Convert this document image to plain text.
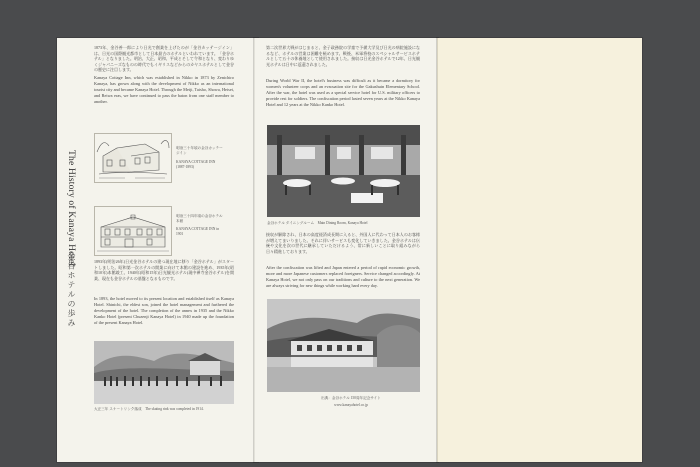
The History of Kanaya Hotel
金谷ホテルの歩み

1873年、金谷善一郎により日光で創業を上げたのが「金谷カッテージイン」は、日光の国際観光都市として日本最古のホテルといわれています。「金谷ホテル」となりました。明治、大正、昭和、平成とそして令和となり、変わりゆくジャパニーズなものの時代でもイギリスなどからのカヤスホテルとして金谷の歴史に注目します。

Kanaya Cottage Inn, which was established in Nikko in 1873 by Zenichiro Kanaya, has grown along with the development of Nikko as an international tourist city and became Kanaya Hotel. Through the Meiji, Taisho, Showa, Heisei, and Reiwa eras, we have continued to pass the baton from one staff member to another.

明治三十年頃の金谷カッテージイン

KANAYA COTTAGE INN (1887-1893)

明治三十四年頃の金谷ホテル本館

KANAYA COTTAGE INN in 1901

1893年(明治26年)日光金谷ホテルの建つ現在地に移り「金谷ホテル」がスタートしました。昭和第一次ホテルの開業に向けて本館の建設を進め、1935年(昭和10年)本館竣工、1940年(昭和15年)日光観光ホテル(現中禅寺金谷ホテル)を開業、現在も金谷ホテルの基盤となるものです。

In 1893, the hotel moved to its present location and established itself as Kanaya Hotel. Shinichi, the eldest son, joined the hotel management and furthered the development of the hotel. The completion of the annex in 1935 and the Nikko Kanko Hotel (present Chuzenji Kanaya Hotel) in 1940 made up the foundation of the present Kanaya Hotel.

大正三年 スケートリンク落成　The skating rink was completed in 1914.

第二次世界大戦がはじまると、金子政務院の学童で予備大学及び日光の病院施設になるなど、ホテルの営業は困難を極めます。戦後、米軍将校のスペシャルサービスホテルとして五十の休養地として使用されました。接収は日光金谷ホテルで12年、日光観光ホテルは日中に返還されました。

During World War II, the hotel's business was difficult as it became a dormitory for women's volunteer corps and an evacuation site for the Gakushuin Elementary School. After the war, the hotel was used as a special service hotel for U.S. military officers to provide rest for soldiers. The confiscation period lasted seven years at the Nikko Kanaya Hotel and 12 years at the Nikko Kanko Hotel.

金谷ホテル ダイニングルーム　Main Dining Room, Kanaya Hotel

接収が解除され、日本の高度経済成長期に入ると、外国人に代わって日本人のお客様が増えてまいりました。それに伴いサービスも変化していきました。金谷ホテルは伝統や文化を次の世代に継承していただけるよう、常に新しいことに取り組みながら日々精進しております。

After the confiscation was lifted and Japan entered a period of rapid economic growth, more and more Japanese customers replaced foreigners. Service changed accordingly. At Kanaya Hotel, we not only pass on our traditions and culture to the next generation. We are always striving for new things while working hard every day.

出典：金谷ホテル 150周年記念サイト

www.kanayahotel.co.jp
